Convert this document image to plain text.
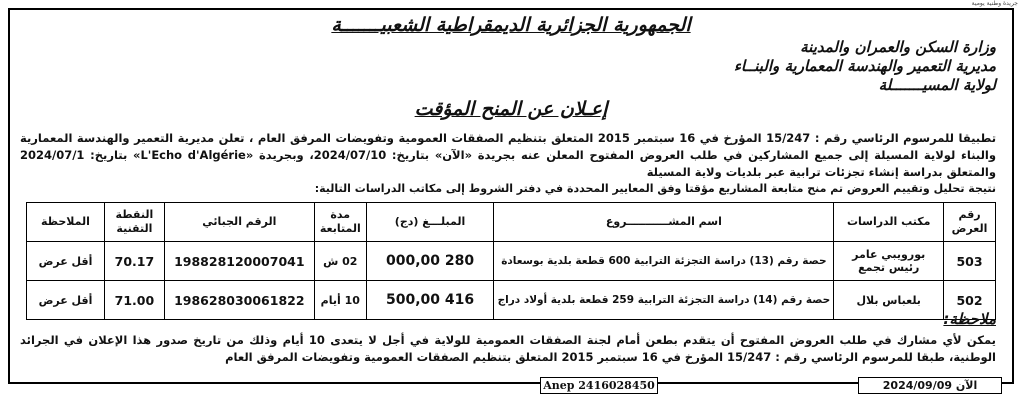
جريدة وطنية يومية
الجمهورية الجزائرية الديمقراطية الشعبيـــــــة
وزارة السكن والعمران والمدينة
مديرية التعمير والهندسة المعمارية والبنــاء
لولاية المسيـــــــلة
إعـلان عن المنح المؤقت
تطبيقا للمرسوم الرئاسي رقم : 15/247 المؤرخ في 16 سبتمبر 2015 المتعلق بتنظيم الصفقات العمومية وتفويضات المرفق العام ، تعلن مديرية التعمير والهندسة المعمارية والبناء لولاية المسيلة إلى جميع المشاركين في طلب العروض المفتوح المعلن عنه بجريدة «الآن» بتاريخ: 2024/07/10، وبجريدة «L'Echo d'Algérie» بتاريخ: 2024/07/1 والمتعلق بدراسة إنشاء تجزئات ترابية عبر بلديات ولاية المسيلة
نتيجة تحليل وتقييم العروض تم منح متابعة المشاريع مؤقتا وفق المعايير المحددة في دفتر الشروط إلى مكاتب الدراسات التالية:
رقم العرض	مكتب الدراسات	اسم المشـــــــــــروع	المبلـــغ (دج)	مدة المتابعة	الرقم الجبائي	النقطة التقنية	الملاحظة
503	بورويبي عامر رئيس تجمع	حصة رقم (13) دراسة التجزئة الترابية 600 قطعة بلدية بوسعادة	280 000,00	02 ش	198828120007041	70.17	أقل عرض
502	بلعباس بلال	حصة رقم (14) دراسة التجزئة الترابية 259 قطعة بلدية أولاد دراج	416 500,00	10 أيام	198628030061822	71.00	أقل عرض
ملاحظة:
يمكن لأي مشارك في طلب العروض المفتوح أن يتقدم بطعن أمام لجنة الصفقات العمومية للولاية في أجل لا يتعدى 10 أيام وذلك من تاريخ صدور هذا الإعلان في الجرائد الوطنية، طبقا للمرسوم الرئاسي رقم : 15/247 المؤرخ في 16 سبتمبر 2015 المتعلق بتنظيم الصفقات العمومية وتفويضات المرفق العام
Anep 2416028450	الآن 2024/09/09
